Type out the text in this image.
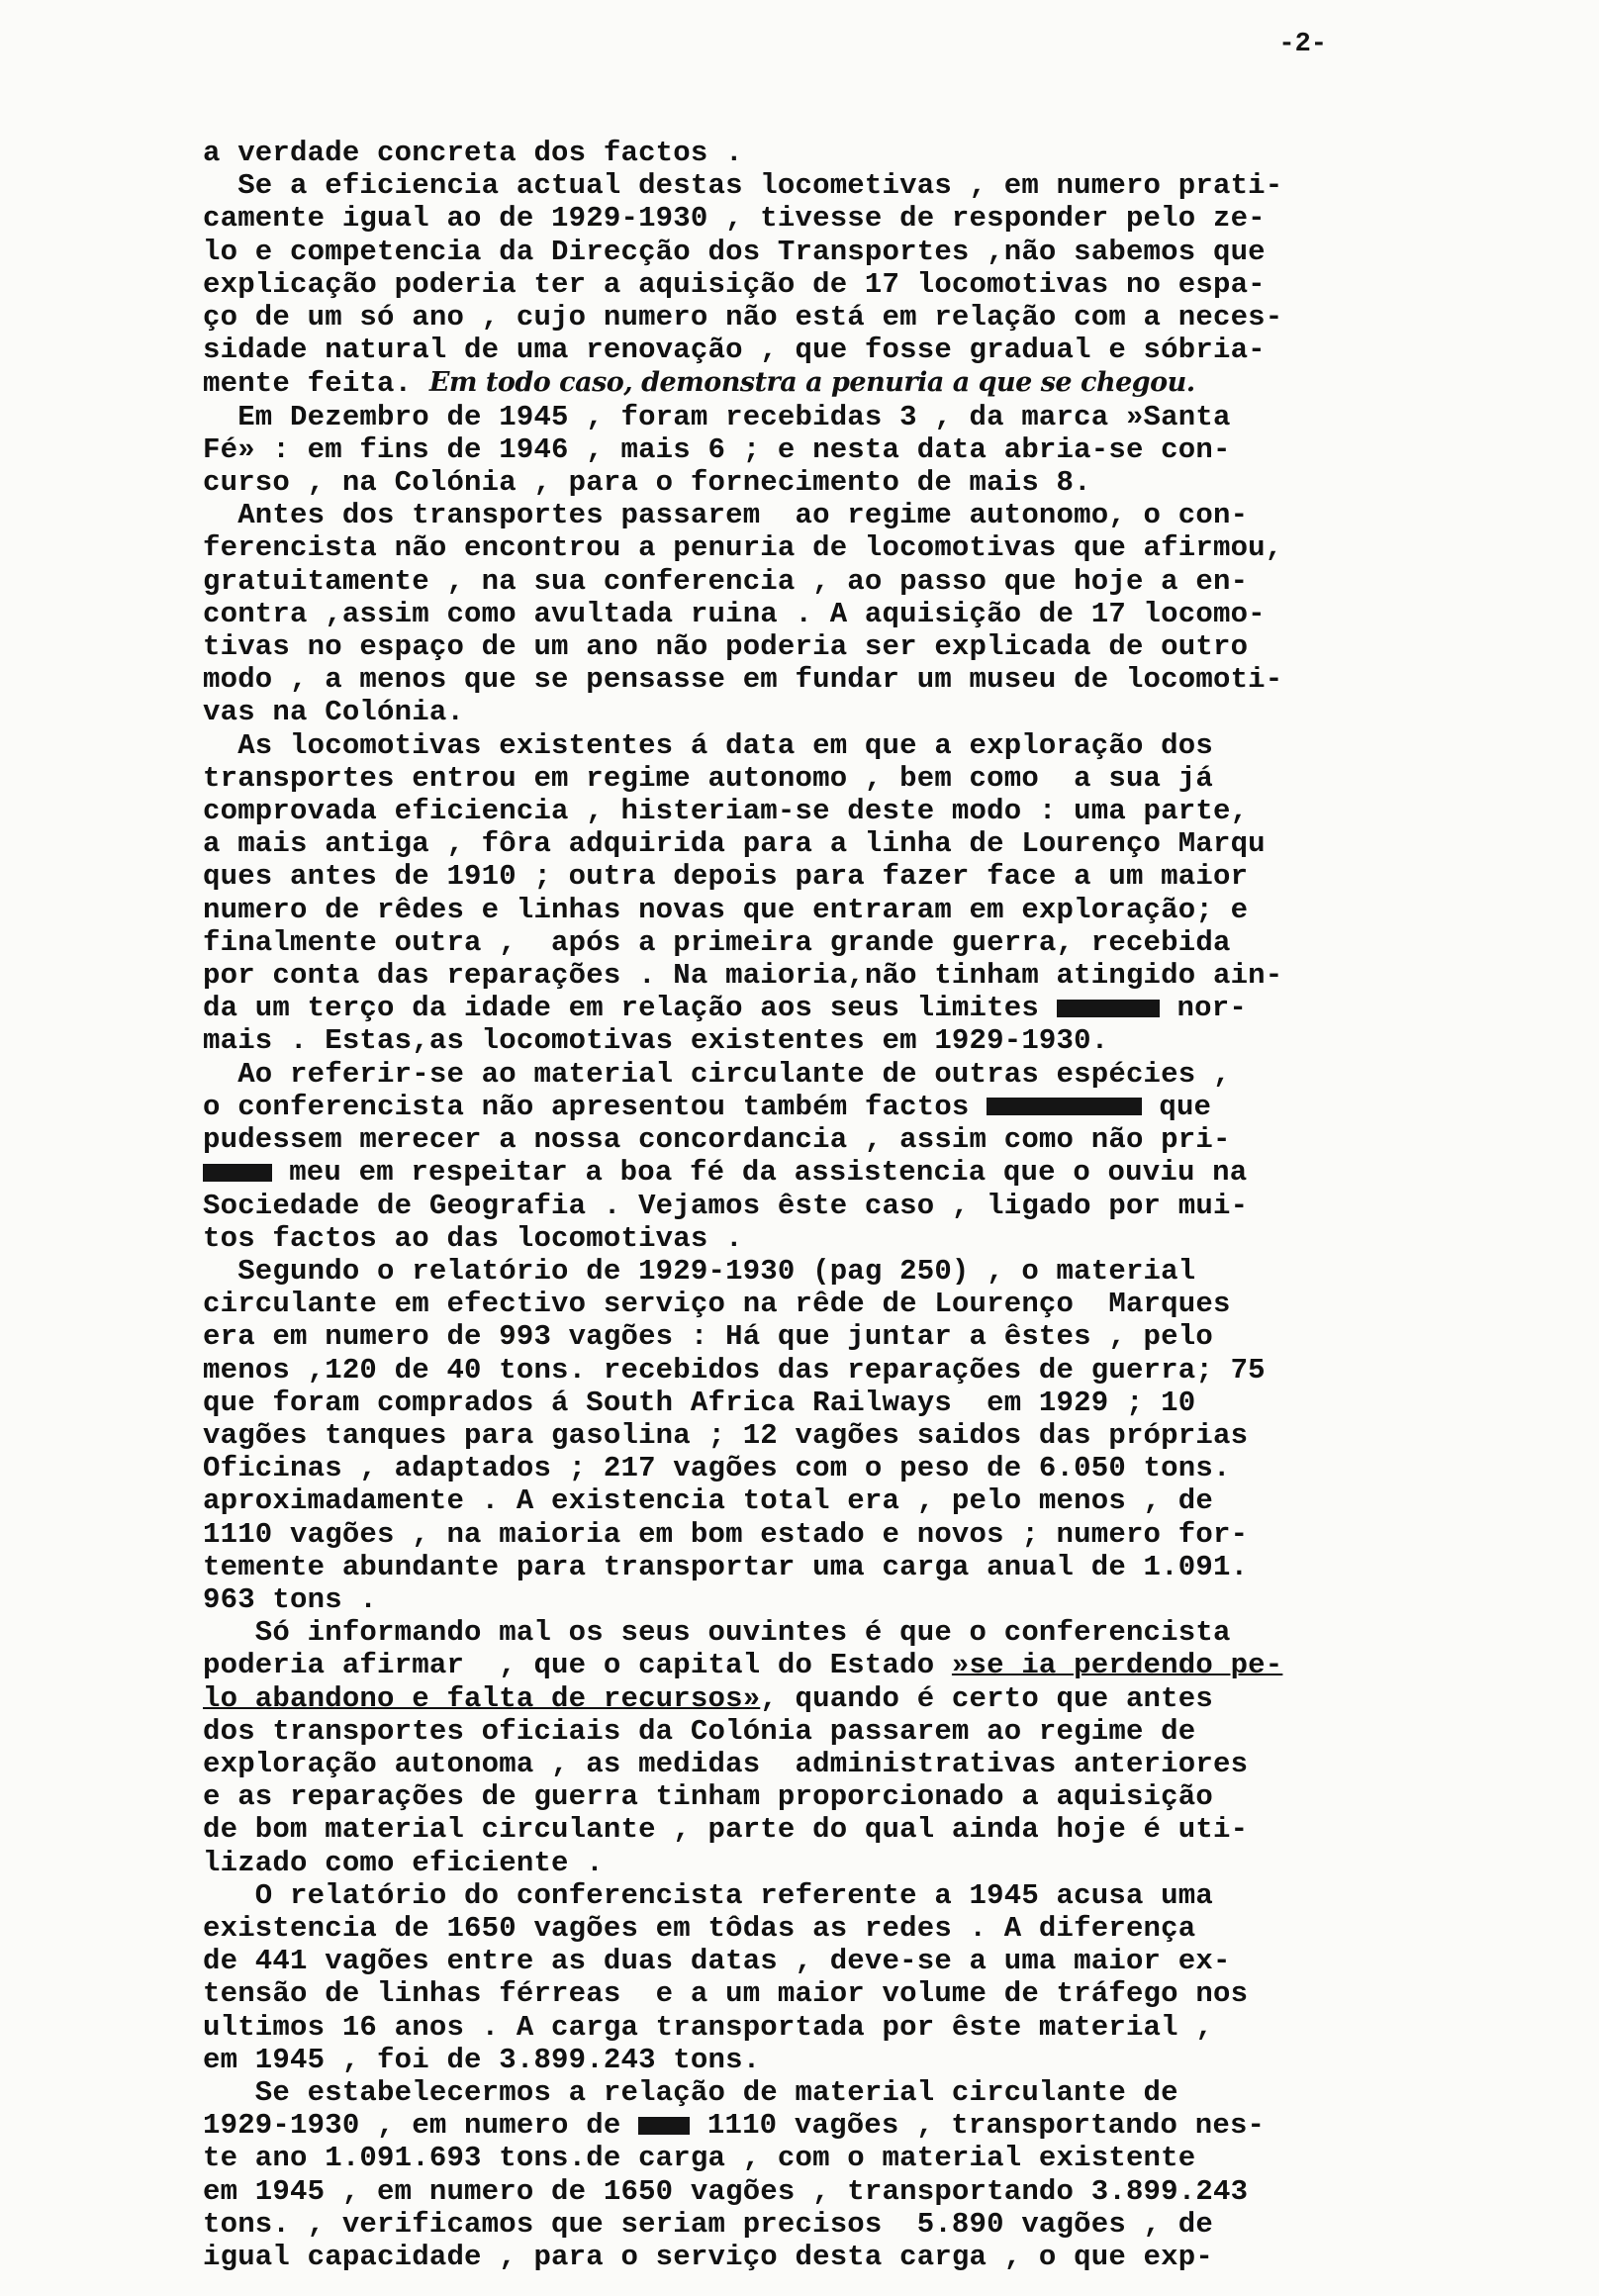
-2-
a verdade concreta dos factos .
Se a eficiencia actual destas locometivas , em numero prati-
camente igual ao de 1929-1930 , tivesse de responder pelo ze-
lo e competencia da Direcção dos Transportes ,não sabemos que
explicação poderia ter a aquisição de 17 locomotivas no espa-
ço de um só ano , cujo numero não está em relação com a neces-
sidade natural de uma renovação , que fosse gradual e sóbria-
mente feita. Em todo caso, demonstra a penuria a que se chegou.
Em Dezembro de 1945 , foram recebidas 3 , da marca »Santa
Fé» : em fins de 1946 , mais 6 ; e nesta data abria-se con-
curso , na Colónia , para o fornecimento de mais 8.
Antes dos transportes passarem  ao regime autonomo, o con-
ferencista não encontrou a penuria de locomotivas que afirmou,
gratuitamente , na sua conferencia , ao passo que hoje a en-
contra ,assim como avultada ruina . A aquisição de 17 locomo-
tivas no espaço de um ano não poderia ser explicada de outro
modo , a menos que se pensasse em fundar um museu de locomoti-
vas na Colónia.
As locomotivas existentes á data em que a exploração dos
transportes entrou em regime autonomo , bem como  a sua já
comprovada eficiencia , histeriam-se deste modo : uma parte,
a mais antiga , fôra adquirida para a linha de Lourenço Marqu
ques antes de 1910 ; outra depois para fazer face a um maior
numero de rêdes e linhas novas que entraram em exploração; e
finalmente outra ,  após a primeira grande guerra, recebida
por conta das reparações . Na maioria,não tinham atingido ain-
da um terço da idade em relação aos seus limites	nor-
mais . Estas,as locomotivas existentes em 1929-1930.
Ao referir-se ao material circulante de outras espécies ,
o conferencista não apresentou também factos	que
pudessem merecer a nossa concordancia , assim como não pri-
meu em respeitar a boa fé da assistencia que o ouviu na
Sociedade de Geografia . Vejamos êste caso , ligado por mui-
tos factos ao das locomotivas .
Segundo o relatório de 1929-1930 (pag 250) , o material
circulante em efectivo serviço na rêde de Lourenço  Marques
era em numero de 993 vagões : Há que juntar a êstes , pelo
menos ,120 de 40 tons. recebidos das reparações de guerra; 75
que foram comprados á South Africa Railways  em 1929 ; 10
vagões tanques para gasolina ; 12 vagões saidos das próprias
Oficinas , adaptados ; 217 vagões com o peso de 6.050 tons.
aproximadamente . A existencia total era , pelo menos , de
1110 vagões , na maioria em bom estado e novos ; numero for-
temente abundante para transportar uma carga anual de 1.091.
963 tons .
Só informando mal os seus ouvintes é que o conferencista
poderia afirmar  , que o capital do Estado »se ia perdendo pe-
lo abandono e falta de recursos», quando é certo que antes
dos transportes oficiais da Colónia passarem ao regime de
exploração autonoma , as medidas  administrativas anteriores
e as reparações de guerra tinham proporcionado a aquisição
de bom material circulante , parte do qual ainda hoje é uti-
lizado como eficiente .
O relatório do conferencista referente a 1945 acusa uma
existencia de 1650 vagões em tôdas as redes . A diferença
de 441 vagões entre as duas datas , deve-se a uma maior ex-
tensão de linhas férreas  e a um maior volume de tráfego nos
ultimos 16 anos . A carga transportada por êste material ,
em 1945 , foi de 3.899.243 tons.
Se estabelecermos a relação de material circulante de
1929-1930 , em numero de  1110 vagões , transportando nes-
te ano 1.091.693 tons.de carga , com o material existente
em 1945 , em numero de 1650 vagões , transportando 3.899.243
tons. , verificamos que seriam precisos  5.890 vagões , de
igual capacidade , para o serviço desta carga , o que exp-
